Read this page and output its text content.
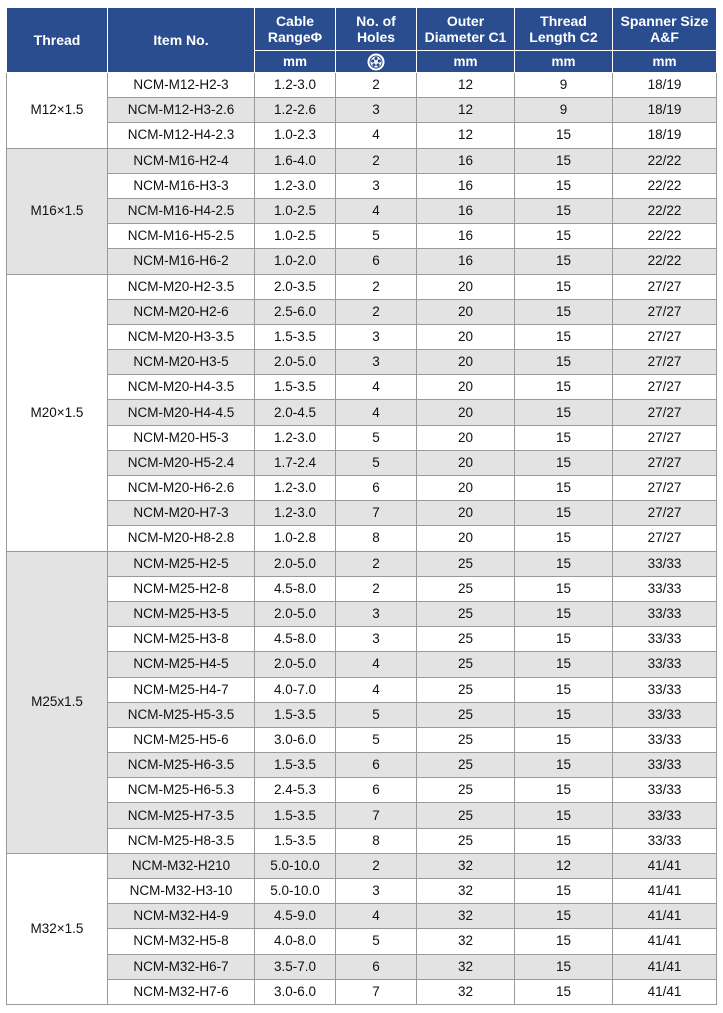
Thread	Item No.	Cable RangeΦ	No. of Holes	Outer Diameter C1	Thread Length C2	Spanner Size A&F
		mm		mm	mm	mm
M12×1.5	NCM-M12-H2-3	1.2-3.0	2	12	9	18/19
	NCM-M12-H3-2.6	1.2-2.6	3	12	9	18/19
	NCM-M12-H4-2.3	1.0-2.3	4	12	15	18/19
M16×1.5	NCM-M16-H2-4	1.6-4.0	2	16	15	22/22
	NCM-M16-H3-3	1.2-3.0	3	16	15	22/22
	NCM-M16-H4-2.5	1.0-2.5	4	16	15	22/22
	NCM-M16-H5-2.5	1.0-2.5	5	16	15	22/22
	NCM-M16-H6-2	1.0-2.0	6	16	15	22/22
M20×1.5	NCM-M20-H2-3.5	2.0-3.5	2	20	15	27/27
	NCM-M20-H2-6	2.5-6.0	2	20	15	27/27
	NCM-M20-H3-3.5	1.5-3.5	3	20	15	27/27
	NCM-M20-H3-5	2.0-5.0	3	20	15	27/27
	NCM-M20-H4-3.5	1.5-3.5	4	20	15	27/27
	NCM-M20-H4-4.5	2.0-4.5	4	20	15	27/27
	NCM-M20-H5-3	1.2-3.0	5	20	15	27/27
	NCM-M20-H5-2.4	1.7-2.4	5	20	15	27/27
	NCM-M20-H6-2.6	1.2-3.0	6	20	15	27/27
	NCM-M20-H7-3	1.2-3.0	7	20	15	27/27
	NCM-M20-H8-2.8	1.0-2.8	8	20	15	27/27
M25x1.5	NCM-M25-H2-5	2.0-5.0	2	25	15	33/33
	NCM-M25-H2-8	4.5-8.0	2	25	15	33/33
	NCM-M25-H3-5	2.0-5.0	3	25	15	33/33
	NCM-M25-H3-8	4.5-8.0	3	25	15	33/33
	NCM-M25-H4-5	2.0-5.0	4	25	15	33/33
	NCM-M25-H4-7	4.0-7.0	4	25	15	33/33
	NCM-M25-H5-3.5	1.5-3.5	5	25	15	33/33
	NCM-M25-H5-6	3.0-6.0	5	25	15	33/33
	NCM-M25-H6-3.5	1.5-3.5	6	25	15	33/33
	NCM-M25-H6-5.3	2.4-5.3	6	25	15	33/33
	NCM-M25-H7-3.5	1.5-3.5	7	25	15	33/33
	NCM-M25-H8-3.5	1.5-3.5	8	25	15	33/33
M32×1.5	NCM-M32-H210	5.0-10.0	2	32	12	41/41
	NCM-M32-H3-10	5.0-10.0	3	32	15	41/41
	NCM-M32-H4-9	4.5-9.0	4	32	15	41/41
	NCM-M32-H5-8	4.0-8.0	5	32	15	41/41
	NCM-M32-H6-7	3.5-7.0	6	32	15	41/41
	NCM-M32-H7-6	3.0-6.0	7	32	15	41/41
